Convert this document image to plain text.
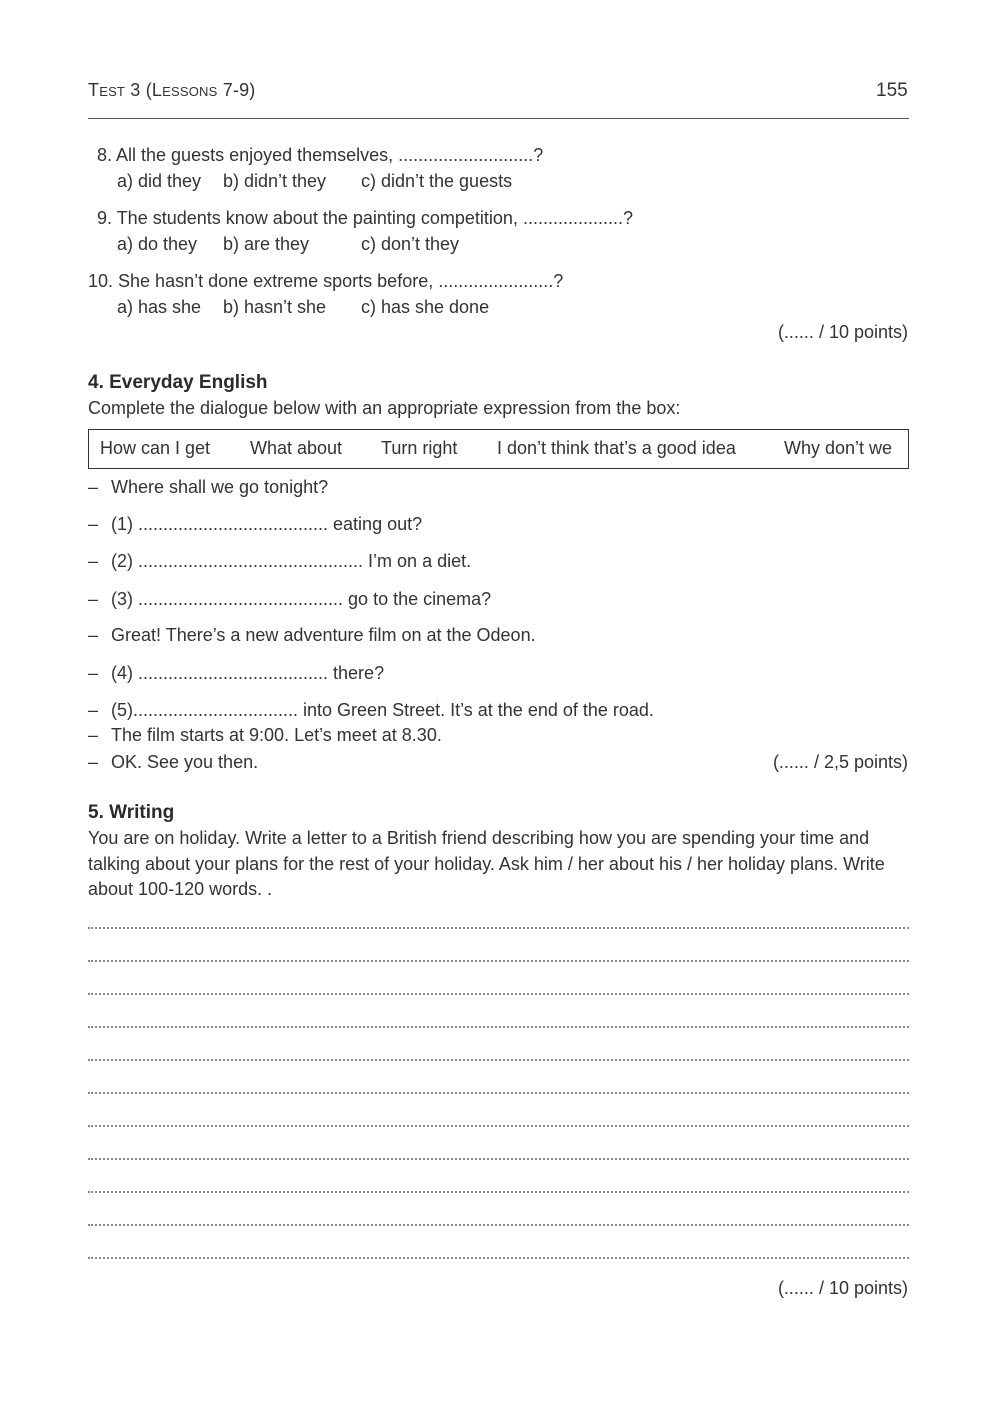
Test 3 (Lessons 7-9)	155
8. All the guests enjoyed themselves, ...........................?
a) did they b) didn’t they c) didn’t the guests
9. The students know about the painting competition, ....................?
a) do they b) are they	c) don’t they
10. She hasn’t done extreme sports before, .......................?
a) has she b) hasn’t she c) has she done
(...... / 10 points)
4. Everyday English
Complete the dialogue below with an appropriate expression from the box:
How can I get What about Turn right I don’t think that’s a good idea	Why don’t we
– Where shall we go tonight?
– (1) ...................................... eating out?
– (2) ............................................. I’m on a diet.
– (3) ......................................... go to the cinema?
– Great! There’s a new adventure film on at the Odeon.
– (4) ...................................... there?
– (5)................................. into Green Street. It’s at the end of the road.
– The film starts at 9:00. Let’s meet at 8.30.
– OK. See you then.	(...... / 2,5 points)
5. Writing
You are on holiday. Write a letter to a British friend describing how you are spending your time and talking about your plans for the rest of your holiday. Ask him / her about his / her holiday plans. Write about 100-120 words. .
(...... / 10 points)
